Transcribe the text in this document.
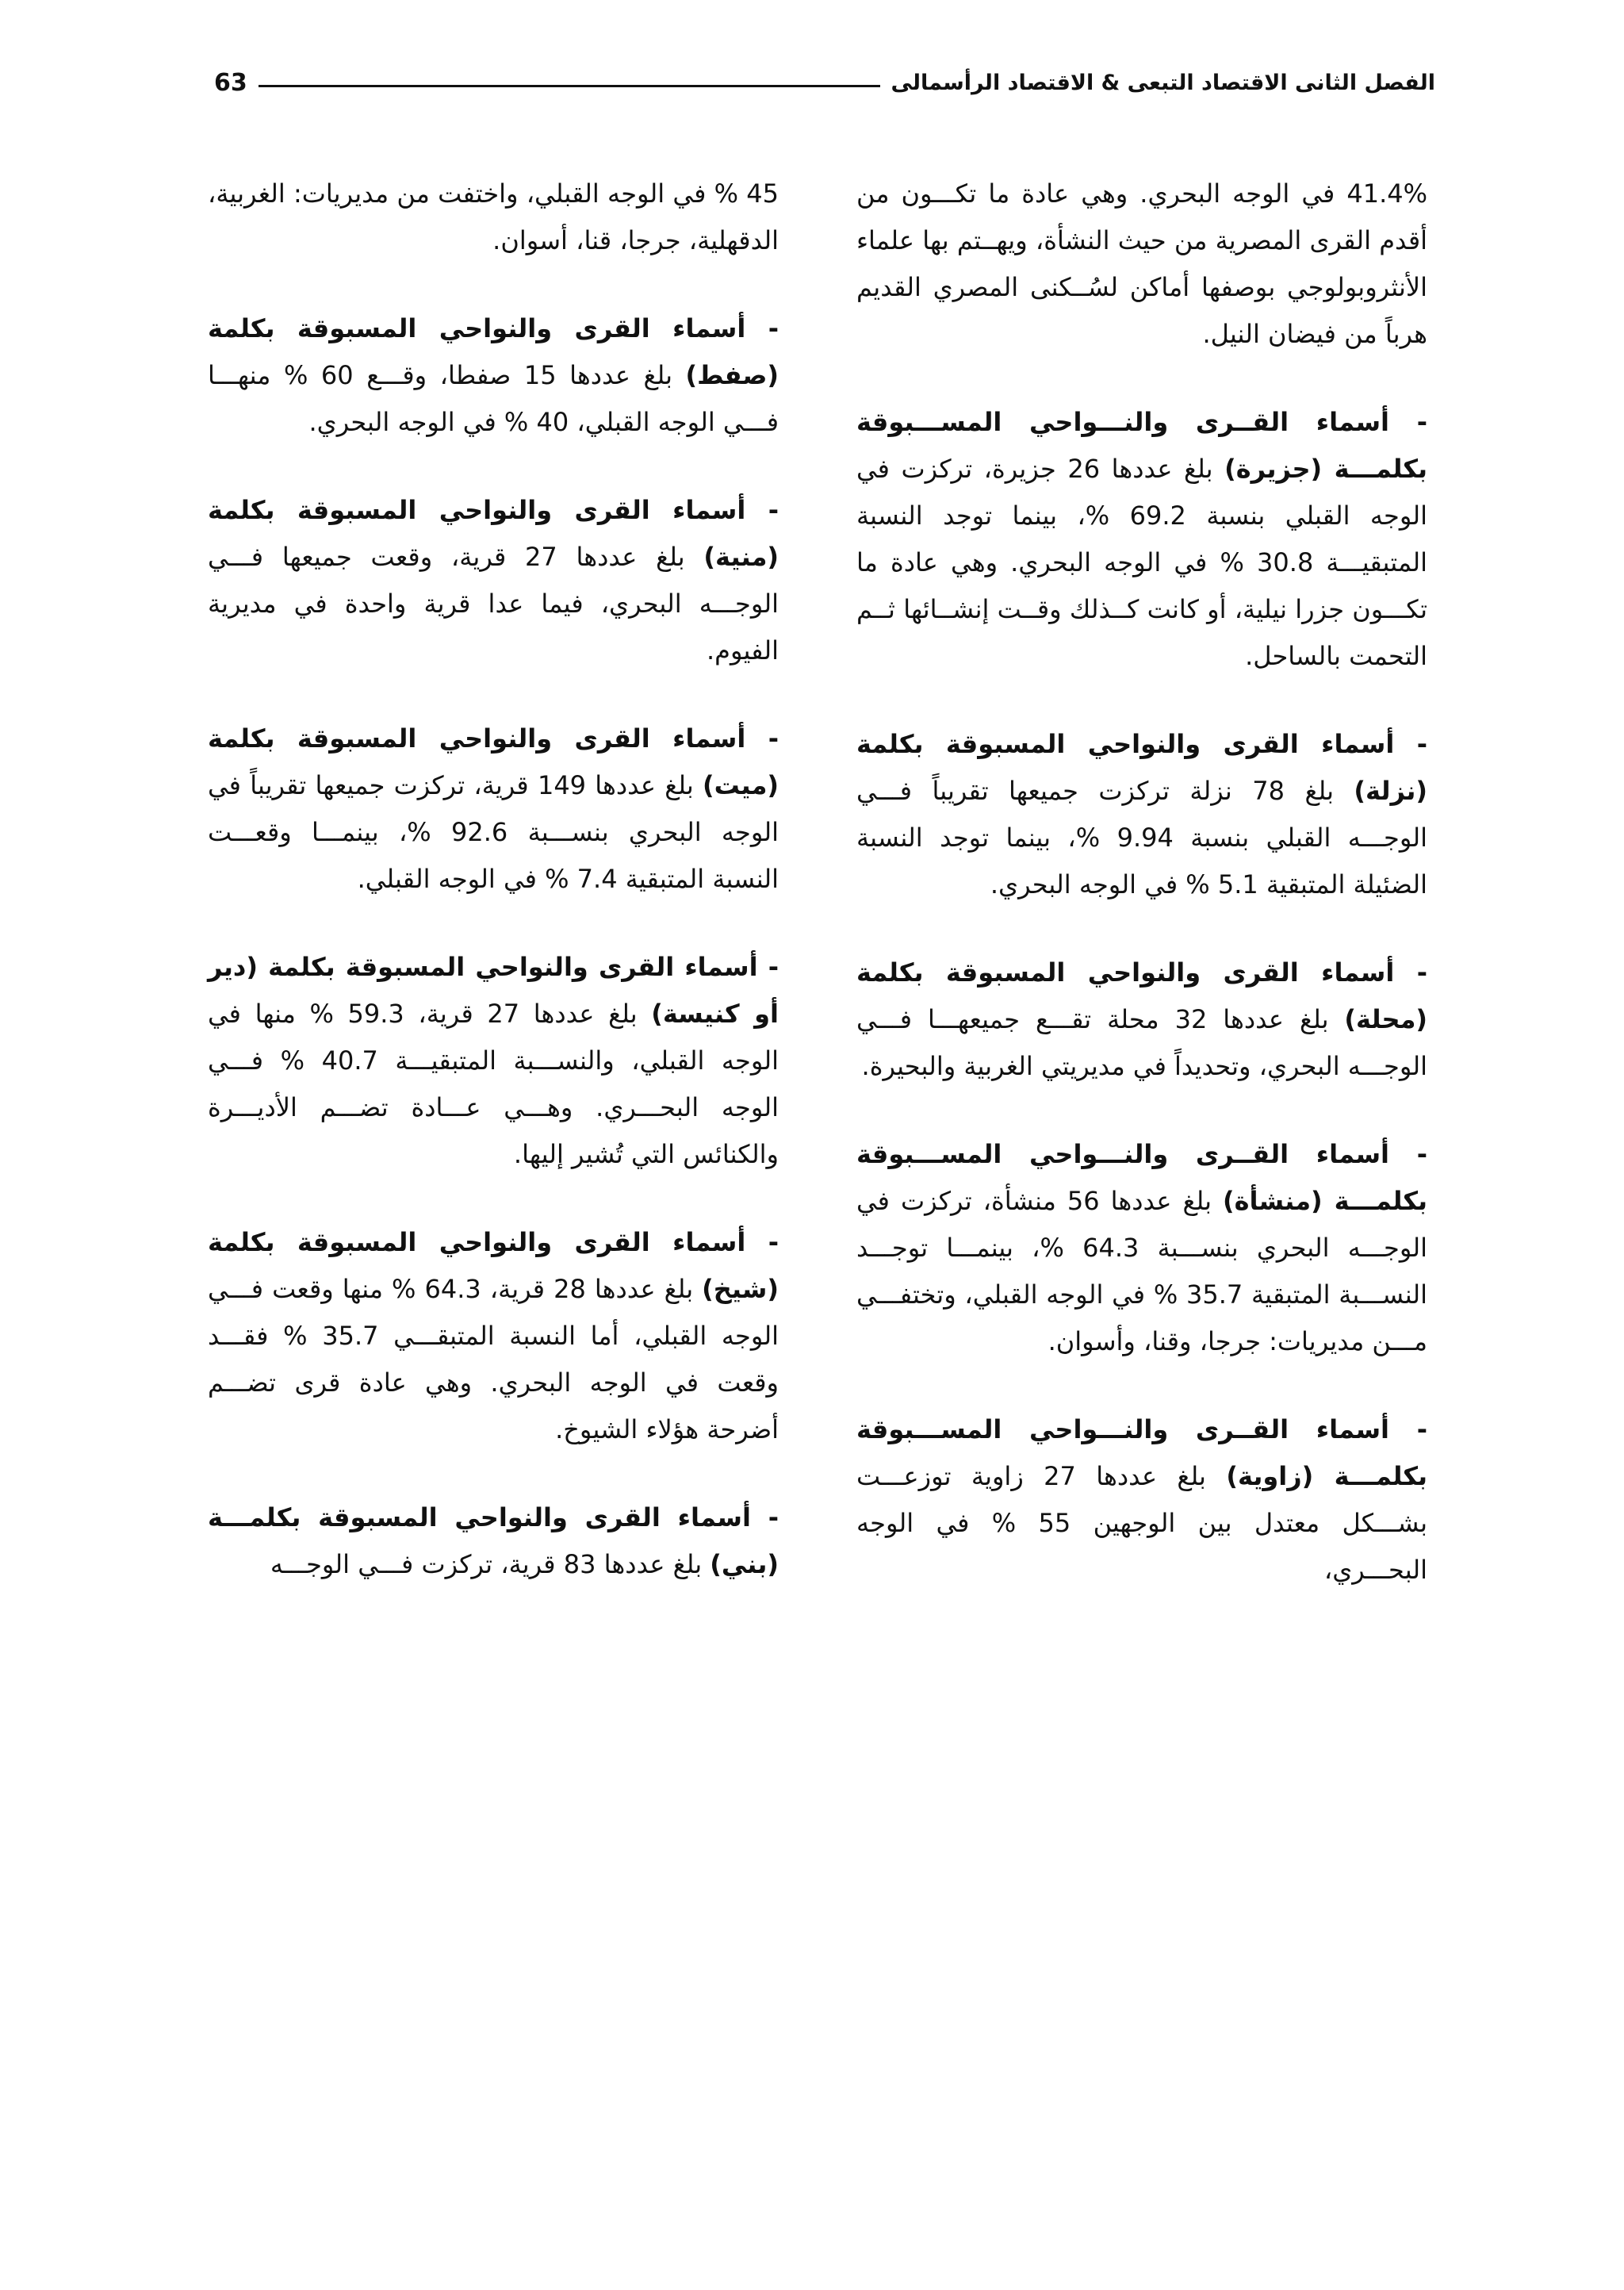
الفصل الثانى الاقتصاد التبعى & الاقتصاد الرأسمالى
63

41.4% في الوجه البحري. وهي عادة ما تكـــون من أقدم القرى المصرية من حيث النشأة، ويهــتم بها علماء الأنثروبولوجي بوصفها أماكن لسُــكنى المصري القديم هرباً من فيضان النيل.

- أسماء القــرى والنـــواحي المســـبوقة بكلمـــة (جزيرة) بلغ عددها 26 جزيرة، تركزت في الوجه القبلي بنسبة 69.2 %، بينما توجد النسبة المتبقيـــة 30.8 % في الوجه البحري. وهي عادة ما تكـــون جزرا نيلية، أو كانت كــذلك وقــت إنشــائها ثــم التحمت بالساحل.

- أسماء القرى والنواحي المسبوقة بكلمة (نزلة) بلغ 78 نزلة تركزت جميعها تقريباً فـــي الوجـــه القبلي بنسبة 9.94 %، بينما توجد النسبة الضئيلة المتبقية 5.1 % في الوجه البحري.

- أسماء القرى والنواحي المسبوقة بكلمة (محلة) بلغ عددها 32 محلة تقـــع جميعهـــا فـــي الوجـــه البحري، وتحديداً في مديريتي الغربية والبحيرة.

- أسماء القــرى والنـــواحي المســـبوقة بكلمـــة (منشأة) بلغ عددها 56 منشأة، تركزت في الوجـــه البحري بنســـبة 64.3 %، بينمـــا توجـــد النســـبة المتبقية 35.7 % في الوجه القبلي، وتختفـــي مـــن مديريات: جرجا، وقنا، وأسوان.

- أسماء القــرى والنـــواحي المســـبوقة بكلمـــة (زاوية) بلغ عددها 27 زاوية توزعـــت بشـــكل معتدل بين الوجهين 55 % في الوجه البحـــري،

45 % في الوجه القبلي، واختفت من مديريات: الغربية، الدقهلية، جرجا، قنا، أسوان.

- أسماء القرى والنواحي المسبوقة بكلمة (صفط) بلغ عددها 15 صفطا، وقـــع 60 % منهـــا فـــي الوجه القبلي، 40 % في الوجه البحري.

- أسماء القرى والنواحي المسبوقة بكلمة (منية) بلغ عددها 27 قرية، وقعت جميعها فـــي الوجـــه البحري، فيما عدا قرية واحدة في مديرية الفيوم.

- أسماء القرى والنواحي المسبوقة بكلمة (ميت) بلغ عددها 149 قرية، تركزت جميعها تقريباً في الوجه البحري بنســـبة 92.6 %، بينمـــا وقعـــت النسبة المتبقية 7.4 % في الوجه القبلي.

- أسماء القرى والنواحي المسبوقة بكلمة (دير أو كنيسة) بلغ عددها 27 قرية، 59.3 % منها في الوجه القبلي، والنســـبة المتبقيـــة 40.7 % فـــي الوجه البحـــري. وهـــي عـــادة تضـــم الأديـــرة والكنائس التي تُشير إليها.

- أسماء القرى والنواحي المسبوقة بكلمة (شيخ) بلغ عددها 28 قرية، 64.3 % منها وقعت فـــي الوجه القبلي، أما النسبة المتبقـــي 35.7 % فقـــد وقعت في الوجه البحري. وهي عادة قرى تضـــم أضرحة هؤلاء الشيوخ.

- أسماء القرى والنواحي المسبوقة بكلمـــة (بني) بلغ عددها 83 قرية، تركزت فـــي الوجـــه
